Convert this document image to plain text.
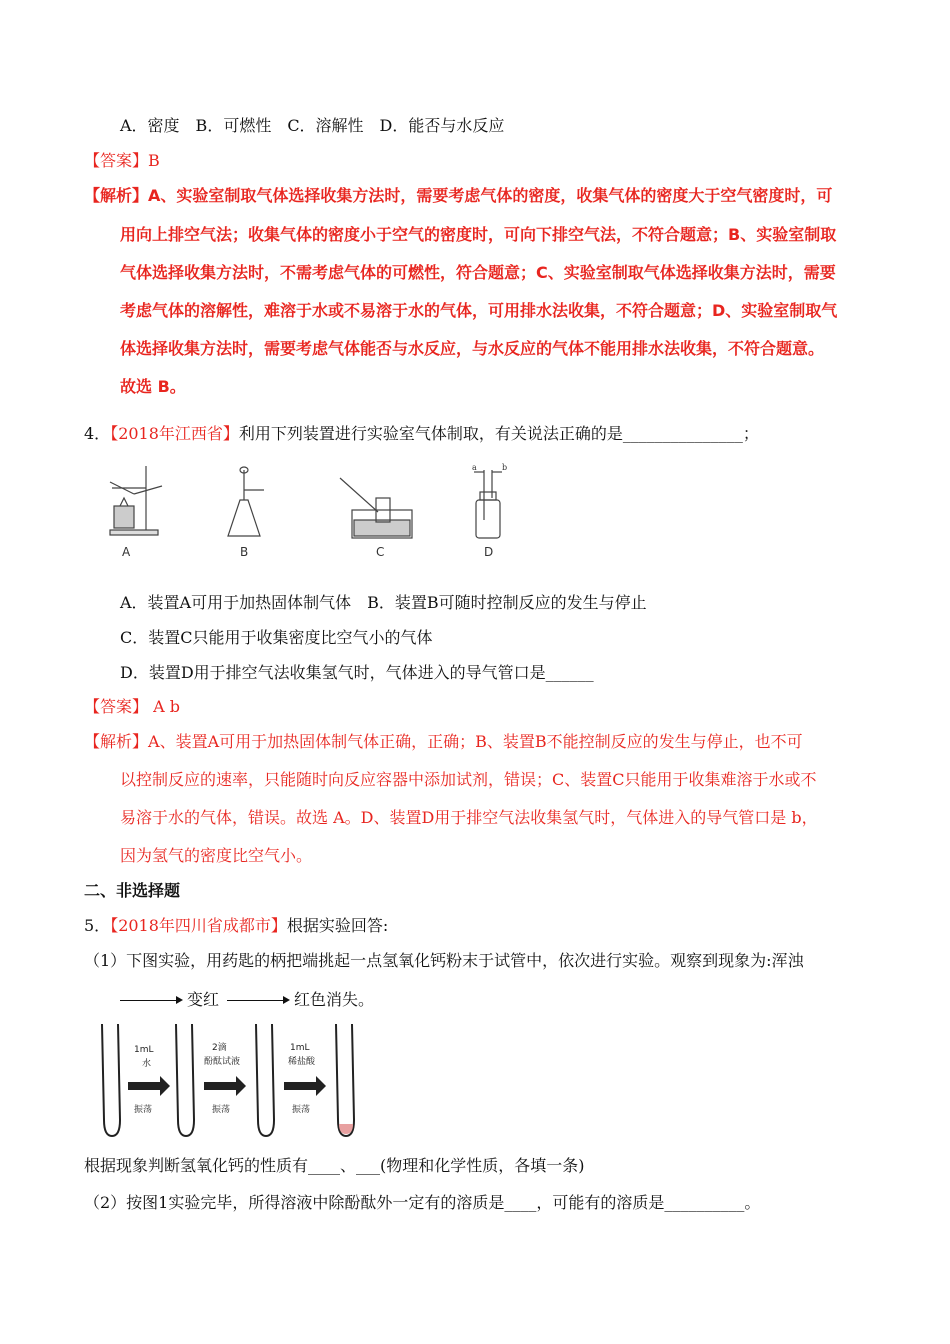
A．密度　B．可燃性　C．溶解性　D．能否与水反应
【答案】B
【解析】A、实验室制取气体选择收集方法时，需要考虑气体的密度，收集气体的密度大于空气密度时，可
用向上排空气法；收集气体的密度小于空气的密度时，可向下排空气法，不符合题意；B、实验室制取
气体选择收集方法时，不需考虑气体的可燃性，符合题意；C、实验室制取气体选择收集方法时，需要
考虑气体的溶解性，难溶于水或不易溶于水的气体，可用排水法收集，不符合题意；D、实验室制取气
体选择收集方法时，需要考虑气体能否与水反应，与水反应的气体不能用排水法收集，不符合题意。
故选 B。
4．【2018年江西省】利用下列装置进行实验室气体制取，有关说法正确的是_______________；
a	b
A	B	C	D
A．装置A可用于加热固体制气体　B．装置B可随时控制反应的发生与停止
C．装置C只能用于收集密度比空气小的气体
D．装置D用于排空气法收集氢气时，气体进入的导气管口是______
【答案】 A b
【解析】A、装置A可用于加热固体制气体正确，正确；B、装置B不能控制反应的发生与停止，也不可
以控制反应的速率，只能随时向反应容器中添加试剂，错误；C、装置C只能用于收集难溶于水或不
易溶于水的气体，错误。故选 A。D、装置D用于排空气法收集氢气时，气体进入的导气管口是 b，
因为氢气的密度比空气小。
二、非选择题
5．【2018年四川省成都市】根据实验回答:
（1）下图实验，用药匙的柄把端挑起一点氢氧化钙粉末于试管中，依次进行实验。观察到现象为:浑浊
变红	红色消失。
1mL
水
振荡
2滴
酚酞试液
振荡
1mL
稀盐酸
振荡
根据现象判断氢氧化钙的性质有____、___(物理和化学性质，各填一条)
（2）按图1实验完毕，所得溶液中除酚酞外一定有的溶质是____，可能有的溶质是__________。
